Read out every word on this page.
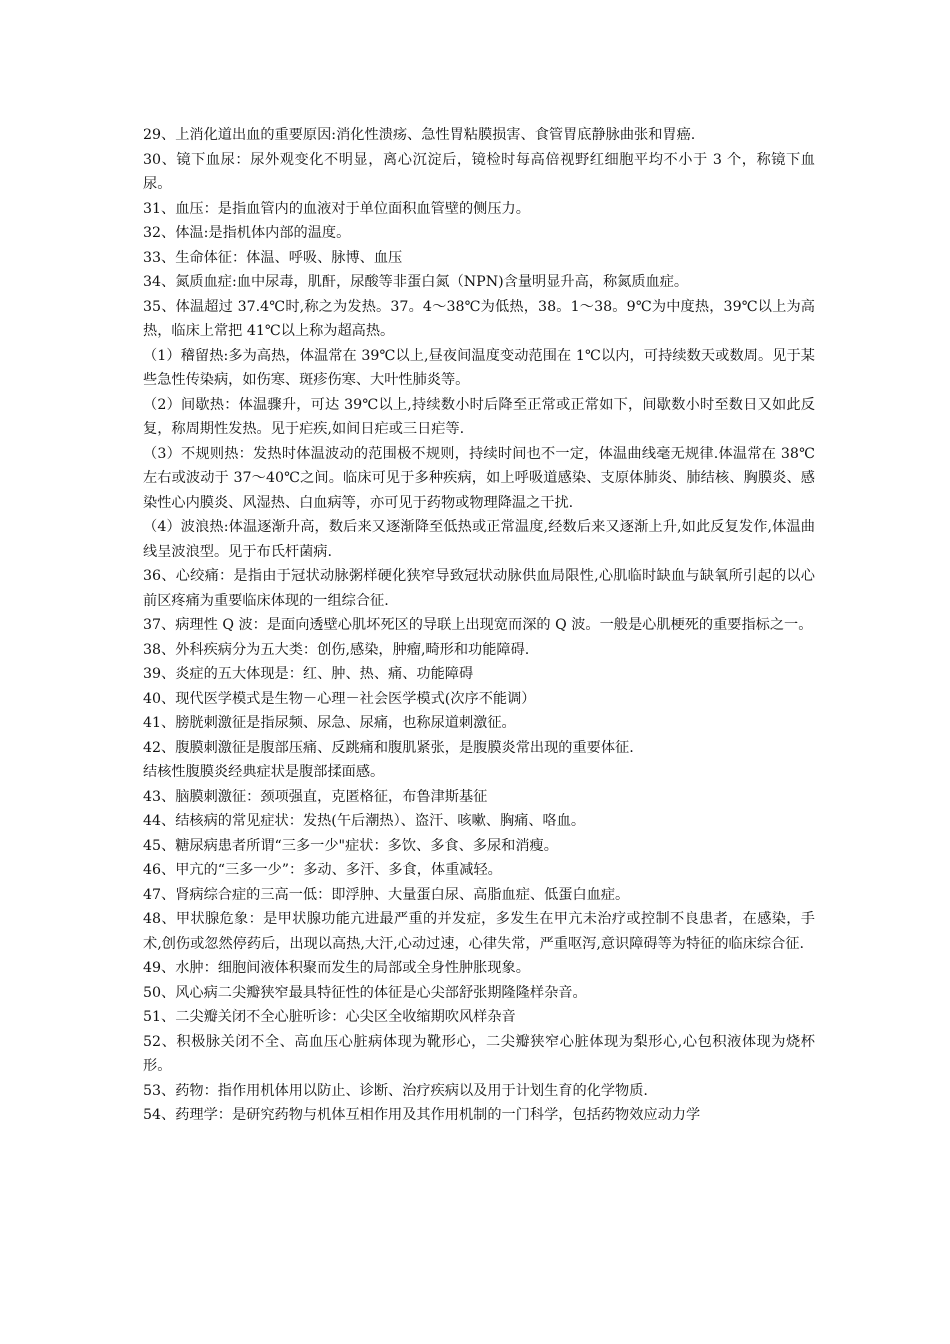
29、上消化道出血的重要原因:消化性溃疡、急性胃粘膜损害、食管胃底静脉曲张和胃癌.

30、镜下血尿：尿外观变化不明显，离心沉淀后，镜检时每高倍视野红细胞平均不小于 3 个，称镜下血尿。

31、血压：是指血管内的血液对于单位面积血管壁的侧压力。

32、体温:是指机体内部的温度。

33、生命体征：体温、呼吸、脉博、血压

34、氮质血症:血中尿毒，肌酐，尿酸等非蛋白氮（NPN)含量明显升高，称氮质血症。

35、体温超过 37.4℃时,称之为发热。37。4～38℃为低热，38。1～38。9℃为中度热，39℃以上为高热，临床上常把 41℃以上称为超高热。

（1）稽留热:多为高热，体温常在 39℃以上,昼夜间温度变动范围在 1℃以内，可持续数天或数周。见于某些急性传染病，如伤寒、斑疹伤寒、大叶性肺炎等。

（2）间歇热：体温骤升，可达 39℃以上,持续数小时后降至正常或正常如下，间歇数小时至数日又如此反复，称周期性发热。见于疟疾,如间日疟或三日疟等.

（3）不规则热：发热时体温波动的范围极不规则，持续时间也不一定，体温曲线毫无规律.体温常在 38℃左右或波动于 37～40℃之间。临床可见于多种疾病，如上呼吸道感染、支原体肺炎、肺结核、胸膜炎、感染性心内膜炎、风湿热、白血病等，亦可见于药物或物理降温之干扰.

（4）波浪热:体温逐渐升高，数后来又逐渐降至低热或正常温度,经数后来又逐渐上升,如此反复发作,体温曲线呈波浪型。见于布氏杆菌病.

36、心绞痛：是指由于冠状动脉粥样硬化狭窄导致冠状动脉供血局限性,心肌临时缺血与缺氧所引起的以心前区疼痛为重要临床体现的一组综合征.

37、病理性 Q 波：是面向透壁心肌坏死区的导联上出现宽而深的 Q 波。一般是心肌梗死的重要指标之一。

38、外科疾病分为五大类：创伤,感染，肿瘤,畸形和功能障碍.

39、炎症的五大体现是：红、肿、热、痛、功能障碍

40、现代医学模式是生物－心理－社会医学模式(次序不能调）

41、膀胱刺激征是指尿频、尿急、尿痛，也称尿道刺激征。

42、腹膜刺激征是腹部压痛、反跳痛和腹肌紧张，是腹膜炎常出现的重要体征.

结核性腹膜炎经典症状是腹部揉面感。

43、脑膜刺激征：颈项强直，克匿格征，布鲁津斯基征

44、结核病的常见症状：发热(午后潮热）、盗汗、咳嗽、胸痛、咯血。

45、糖尿病患者所谓“三多一少"症状：多饮、多食、多尿和消瘦。

46、甲亢的“三多一少”：多动、多汗、多食，体重减轻。

47、肾病综合症的三高一低：即浮肿、大量蛋白尿、高脂血症、低蛋白血症。

48、甲状腺危象：是甲状腺功能亢进最严重的并发症，多发生在甲亢未治疗或控制不良患者，在感染，手术,创伤或忽然停药后，出现以高热,大汗,心动过速，心律失常，严重呕泻,意识障碍等为特征的临床综合征.

49、水肿：细胞间液体积聚而发生的局部或全身性肿胀现象。

50、风心病二尖瓣狭窄最具特征性的体征是心尖部舒张期隆隆样杂音。

51、二尖瓣关闭不全心脏听诊：心尖区全收缩期吹风样杂音

52、积极脉关闭不全、高血压心脏病体现为靴形心，二尖瓣狭窄心脏体现为梨形心,心包积液体现为烧杯形。

53、药物：指作用机体用以防止、诊断、治疗疾病以及用于计划生育的化学物质.

54、药理学：是研究药物与机体互相作用及其作用机制的一门科学，包括药物效应动力学
